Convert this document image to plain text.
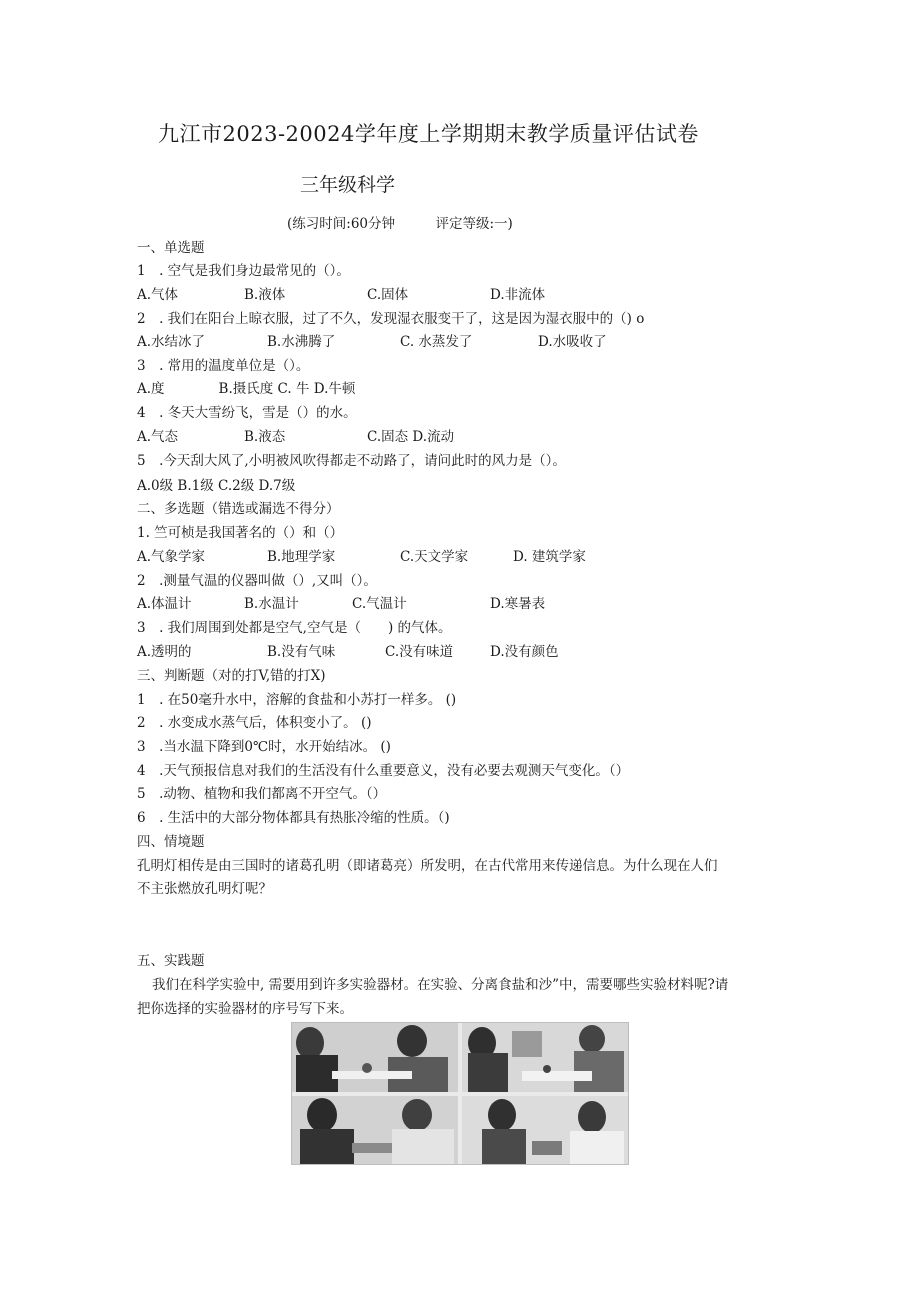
九江市2023-20024学年度上学期期末教学质量评估试卷
三年级科学
(练习时间:60分钟　　　评定等级:一)
一、单选题
1　. 空气是我们身边最常见的（）。
A.气体	B.液体	C.固体	D.非流体
2　. 我们在阳台上晾衣服，过了不久，发现湿衣服变干了，这是因为湿衣服中的（) o
A.水结冰了	B.水沸腾了	C. 水蒸发了	D.水吸收了
3　. 常用的温度单位是（）。
A.度　　　　B.摄氏度 C. 牛 D.牛顿
4　. 冬天大雪纷飞，雪是（）的水。
A.气态	B.液态	C.固态 D.流动
5　.今天刮大风了,小明被风吹得都走不动路了，请问此时的风力是（）。
A.0级 B.1级 C.2级 D.7级
二、多选题（错选或漏选不得分）
1. 竺可桢是我国著名的（）和（）
A.气象学家	B.地理学家	C.天文学家	D. 建筑学家
2　.测量气温的仪器叫做（）,又叫（）。
A.体温计	B.水温计	C.气温计	D.寒暑表
3　. 我们周围到处都是空气,空气是（　　) 的气体。
A.透明的	B.没有气味	C.没有味道	D.没有颜色
三、判断题（对的打V,错的打X)
1　. 在50毫升水中，溶解的食盐和小苏打一样多。 ()
2　. 水变成水蒸气后，体积变小了。 ()
3　.当水温下降到0℃时，水开始结冰。 ()
4　.天气预报信息对我们的生活没有什么重要意义，没有必要去观测天气变化。（）
5　.动物、植物和我们都离不开空气。（）
6　. 生活中的大部分物体都具有热胀冷缩的性质。（)
四、情境题
孔明灯相传是由三国时的诸葛孔明（即诸葛亮）所发明，在古代常用来传递信息。为什么现在人们
不主张燃放孔明灯呢？
五、实践题
我们在科学实验中, 需要用到许多实验器材。在实验、分离食盐和沙”中，需要哪些实验材料呢?请
把你选择的实验器材的序号写下来。
